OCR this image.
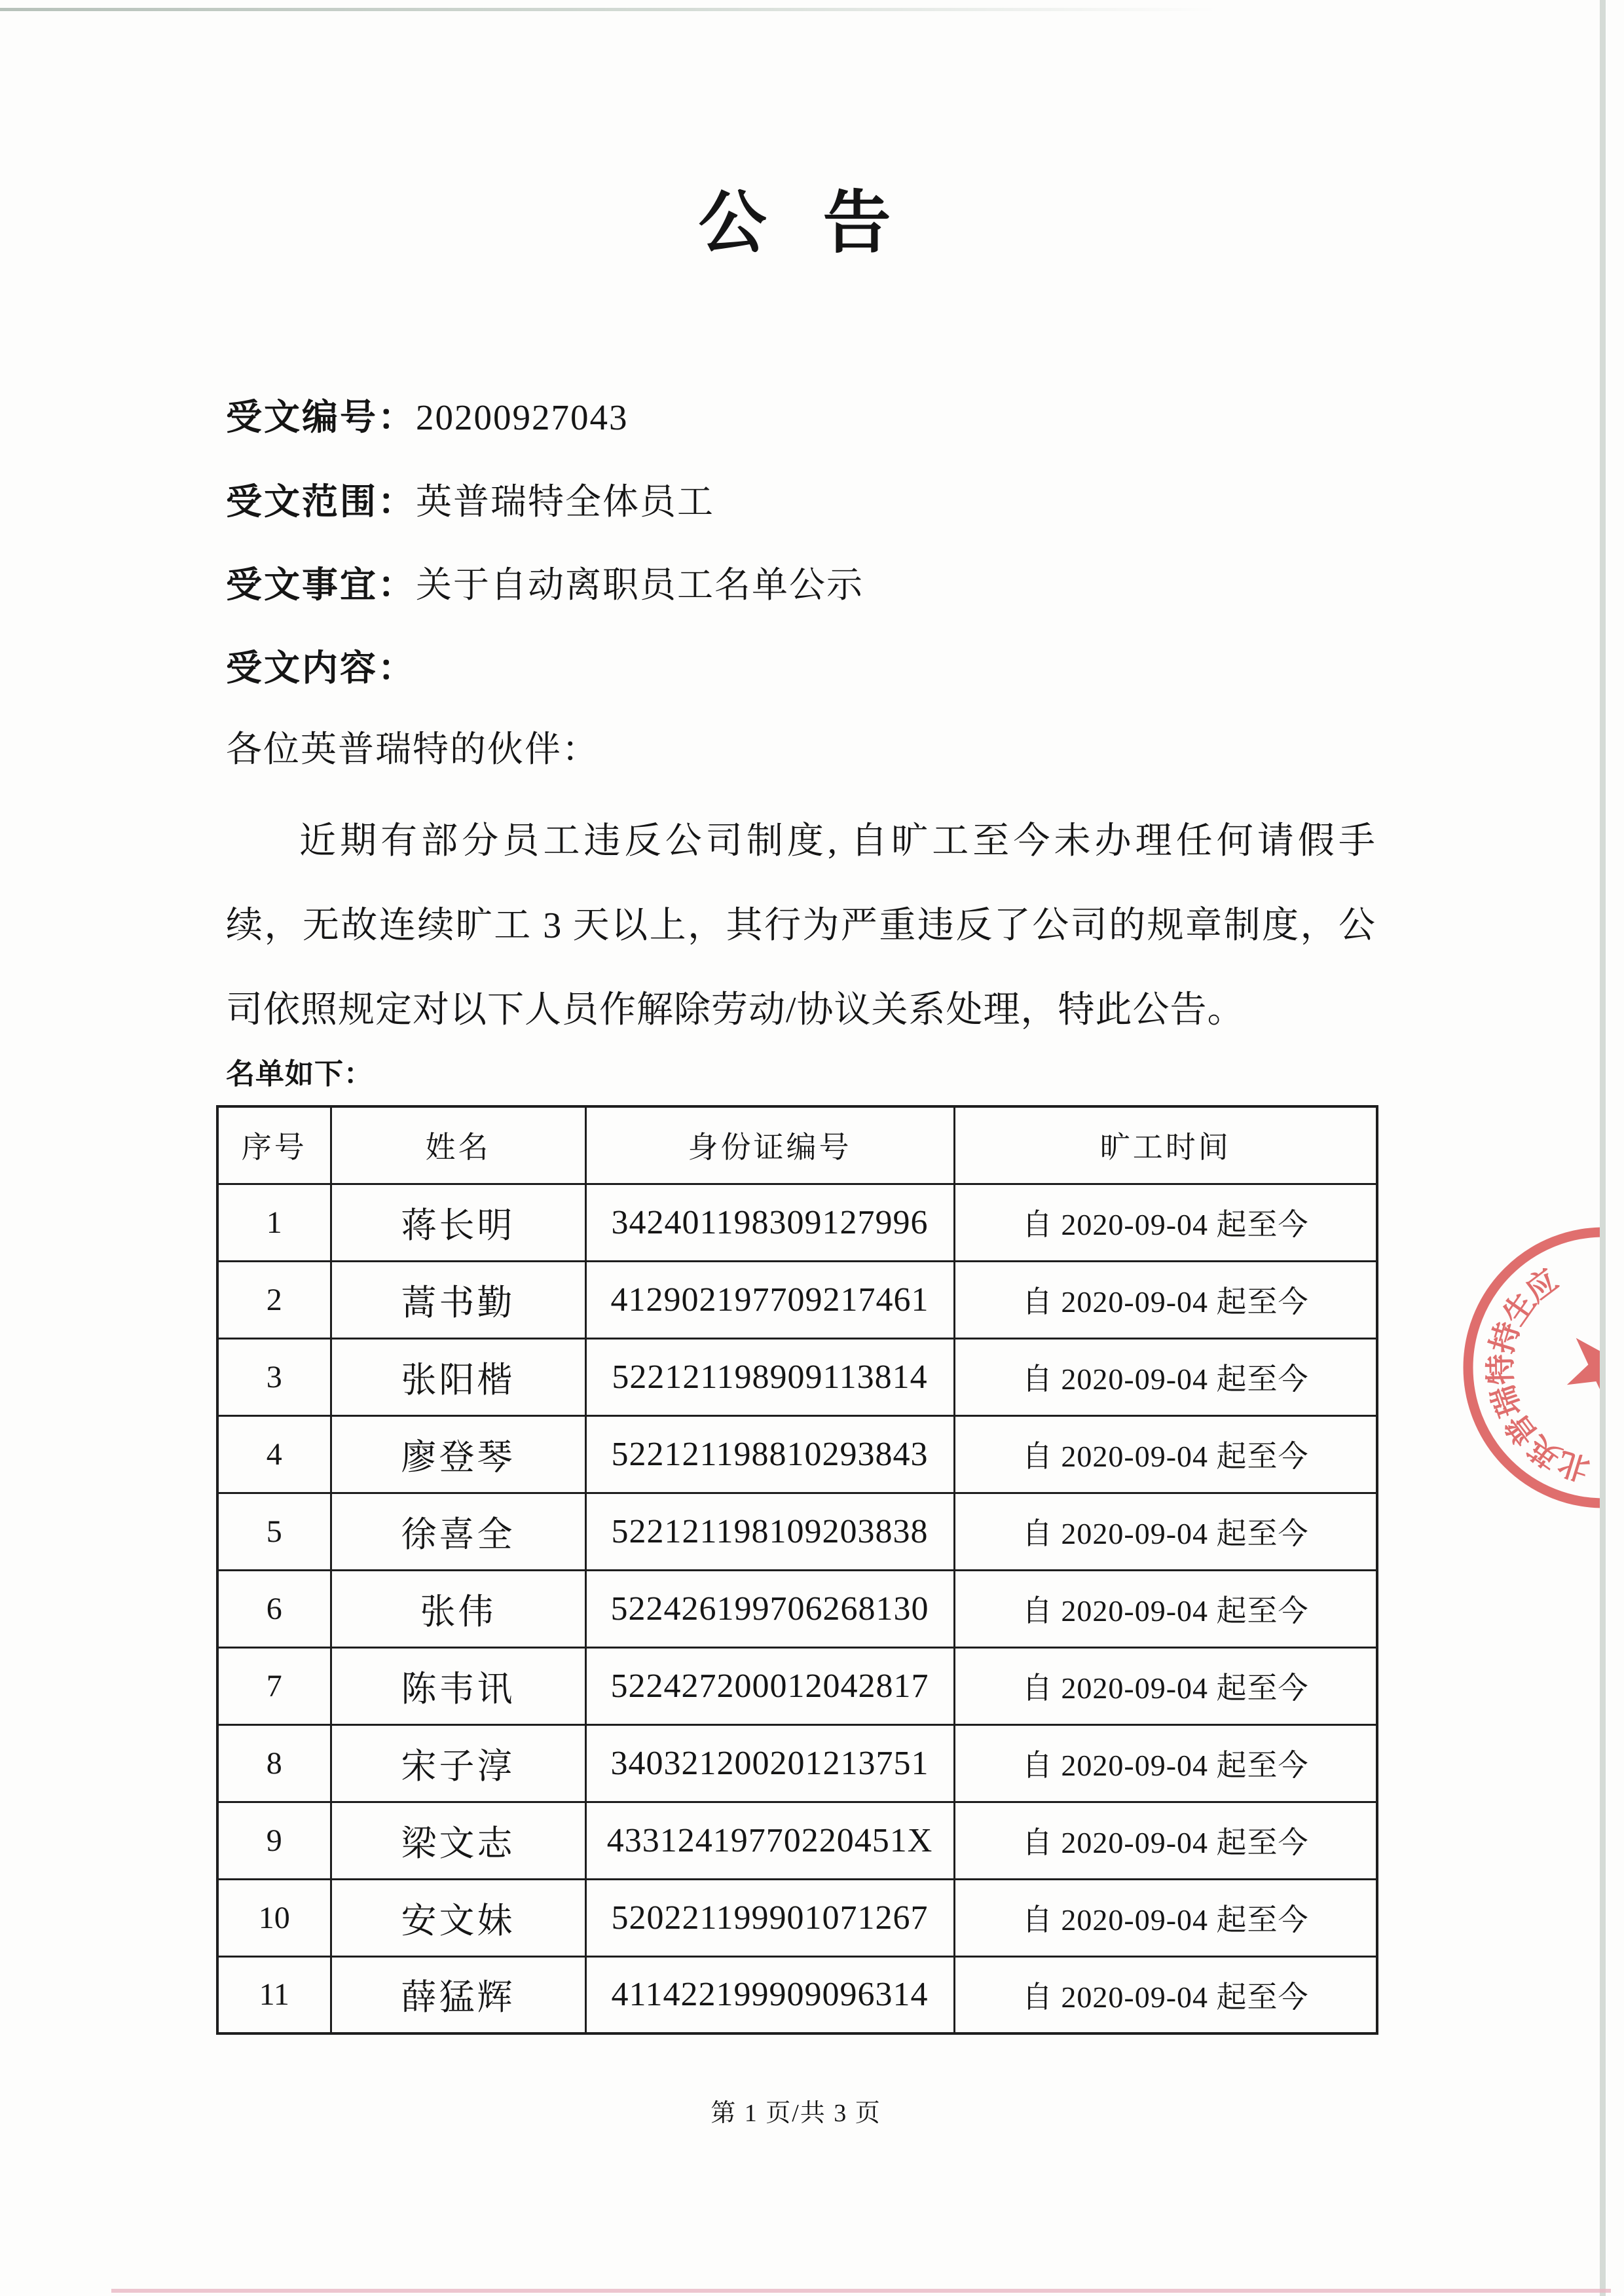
公 告
受文编号：20200927043
受文范围：英普瑞特全体员工
受文事宜：关于自动离职员工名单公示
受文内容：
各位英普瑞特的伙伴：
近期有部分员工违反公司制度, 自旷工至今未办理任何请假手
续，无故连续旷工 3 天以上，其行为严重违反了公司的规章制度，公
司依照规定对以下人员作解除劳动/协议关系处理，特此公告。
名单如下：
序号	姓名	身份证编号	旷工时间
1	蒋长明	342401198309127996	自 2020-09-04 起至今
2	蒿书勤	412902197709217461	自 2020-09-04 起至今
3	张阳楷	522121198909113814	自 2020-09-04 起至今
4	廖登琴	522121198810293843	自 2020-09-04 起至今
5	徐喜全	522121198109203838	自 2020-09-04 起至今
6	张伟	522426199706268130	自 2020-09-04 起至今
7	陈韦讯	522427200012042817	自 2020-09-04 起至今
8	宋子淳	340321200201213751	自 2020-09-04 起至今
9	梁文志	43312419770220451X	自 2020-09-04 起至今
10	安文妹	520221199901071267	自 2020-09-04 起至今
11	薛猛辉	411422199909096314	自 2020-09-04 起至今
第 1 页/共 3 页
应
生
持
特
瑞
普
英
北
